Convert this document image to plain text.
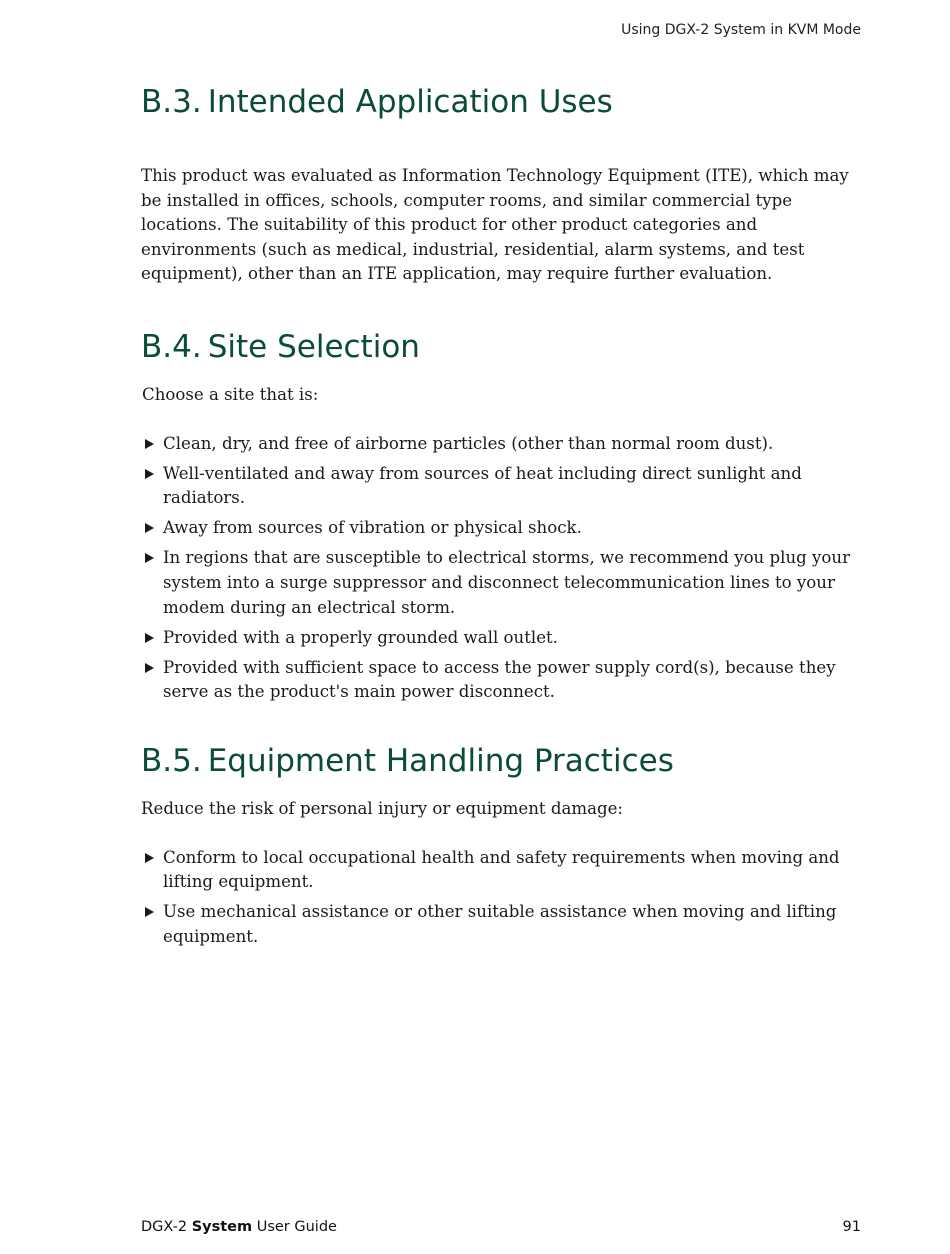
Using DGX-2 System in KVM Mode
B.3. Intended Application Uses

This product was evaluated as Information Technology Equipment (ITE), which may be installed in offices, schools, computer rooms, and similar commercial type locations. The suitability of this product for other product categories and environments (such as medical, industrial, residential, alarm systems, and test equipment), other than an ITE application, may require further evaluation.

B.4. Site Selection

Choose a site that is:

Clean, dry, and free of airborne particles (other than normal room dust).
Well-ventilated and away from sources of heat including direct sunlight and radiators.
Away from sources of vibration or physical shock.
In regions that are susceptible to electrical storms, we recommend you plug your system into a surge suppressor and disconnect telecommunication lines to your modem during an electrical storm.
Provided with a properly grounded wall outlet.
Provided with sufficient space to access the power supply cord(s), because they serve as the product's main power disconnect.
B.5. Equipment Handling Practices

Reduce the risk of personal injury or equipment damage:

Conform to local occupational health and safety requirements when moving and lifting equipment.
Use mechanical assistance or other suitable assistance when moving and lifting equipment.
DGX-2 System User Guide	91
